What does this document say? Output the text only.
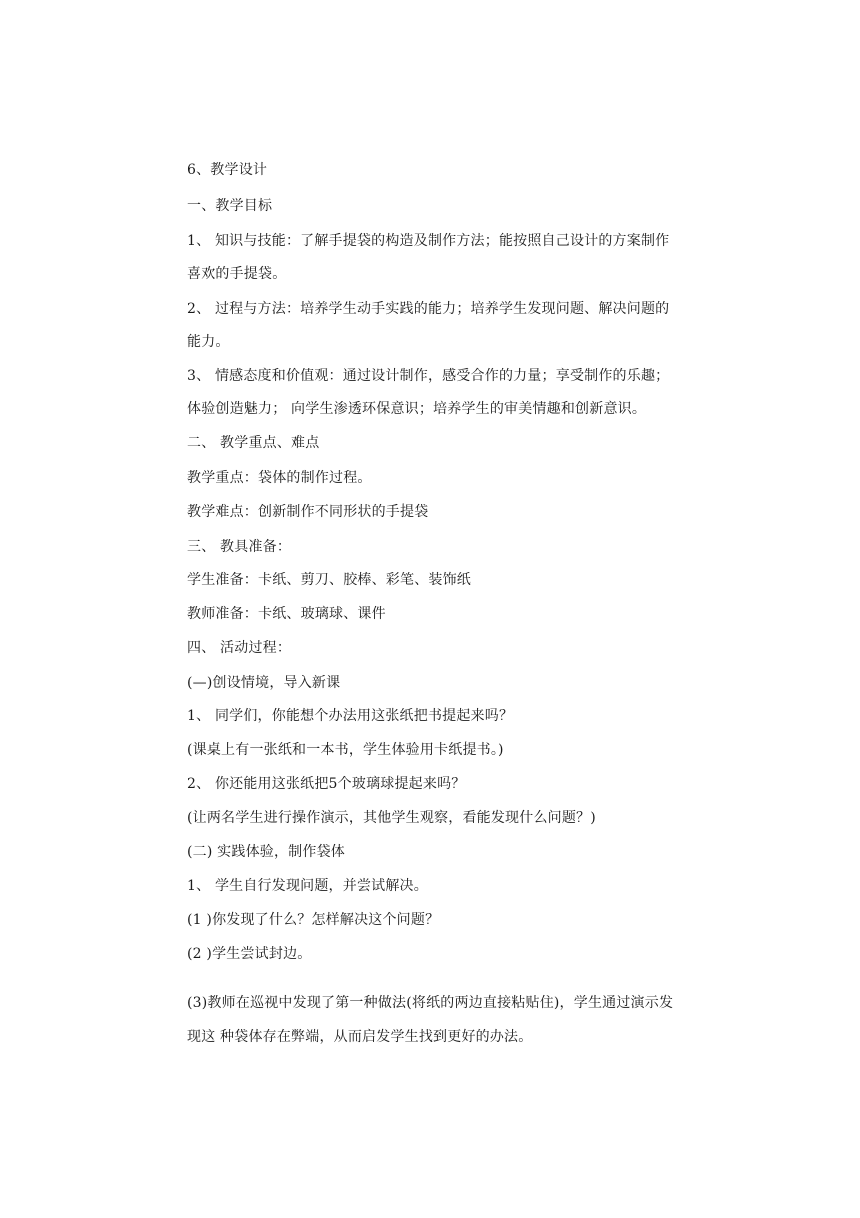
6、教学设计

一、教学目标

1、 知识与技能：了解手提袋的构造及制作方法；能按照自己设计的方案制作

喜欢的手提袋。

2、 过程与方法：培养学生动手实践的能力；培养学生发现问题、解决问题的

能力。

3、 情感态度和价值观：通过设计制作，感受合作的力量；享受制作的乐趣；

体验创造魅力； 向学生渗透环保意识；培养学生的审美情趣和创新意识。

二、 教学重点、难点

教学重点：袋体的制作过程。

教学难点：创新制作不同形状的手提袋

三、 教具准备：

学生准备：卡纸、剪刀、胶棒、彩笔、装饰纸

教师准备：卡纸、玻璃球、课件

四、 活动过程：

(—)创设情境，导入新课

1、 同学们，你能想个办法用这张纸把书提起来吗？

(课桌上有一张纸和一本书，学生体验用卡纸提书。)

2、 你还能用这张纸把5个玻璃球提起来吗？

(让两名学生进行操作演示，其他学生观察，看能发现什么问题？)

(二) 实践体验，制作袋体

1、 学生自行发现问题，并尝试解决。

(1 )你发现了什么？怎样解决这个问题？

(2 )学生尝试封边。

(3)教师在巡视中发现了第一种做法(将纸的两边直接粘贴住)，学生通过演示发

现这 种袋体存在弊端，从而启发学生找到更好的办法。
